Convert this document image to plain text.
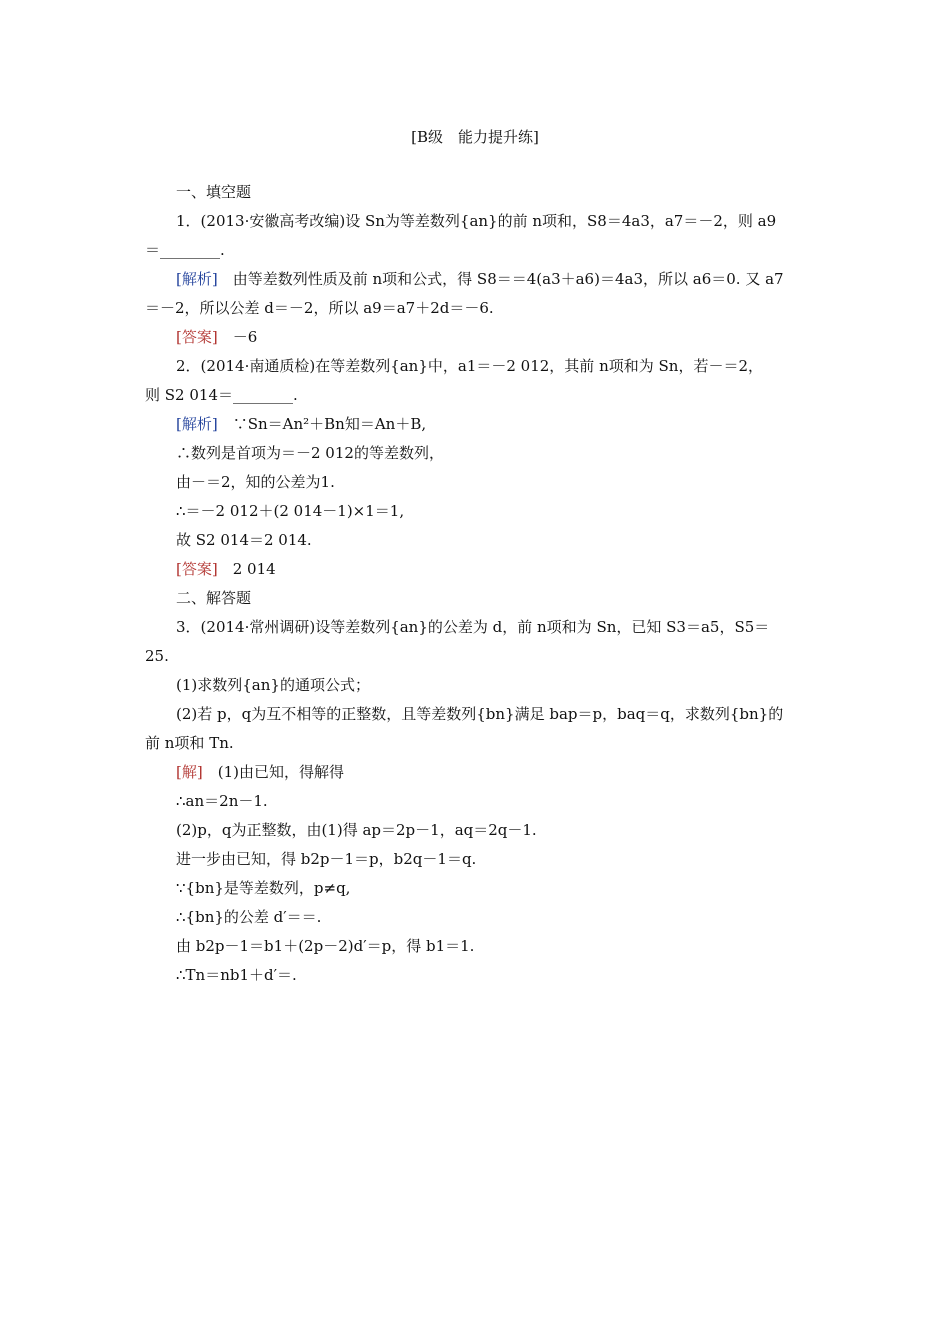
[B级　能力提升练]
一、填空题
1．(2013·安徽高考改编)设 Sn为等差数列{an}的前 n项和，S8＝4a3，a7＝－2，则 a9
＝________.
[解析]　由等差数列性质及前 n项和公式，得 S8＝＝4(a3＋a6)＝4a3，所以 a6＝0. 又 a7
＝－2，所以公差 d＝－2，所以 a9＝a7＋2d＝－6.
[答案]　－6
2．(2014·南通质检)在等差数列{an}中，a1＝－2 012，其前 n项和为 Sn，若－＝2，
则 S2 014＝________.
[解析]　∵Sn＝An²＋Bn知＝An＋B,
∴数列是首项为＝－2 012的等差数列，
由－＝2，知的公差为1.
∴＝－2 012＋(2 014－1)×1＝1,
故 S2 014＝2 014.
[答案]　2 014
二、解答题
3．(2014·常州调研)设等差数列{an}的公差为 d，前 n项和为 Sn，已知 S3＝a5，S5＝
25.
(1)求数列{an}的通项公式；
(2)若 p，q为互不相等的正整数，且等差数列{bn}满足 bap＝p，baq＝q，求数列{bn}的
前 n项和 Tn.
[解]　(1)由已知，得解得
∴an＝2n－1.
(2)p，q为正整数，由(1)得 ap＝2p－1，aq＝2q－1.
进一步由已知，得 b2p－1＝p，b2q－1＝q.
∵{bn}是等差数列，p≠q,
∴{bn}的公差 d′＝＝.
由 b2p－1＝b1＋(2p－2)d′＝p，得 b1＝1.
∴Tn＝nb1＋d′＝.
